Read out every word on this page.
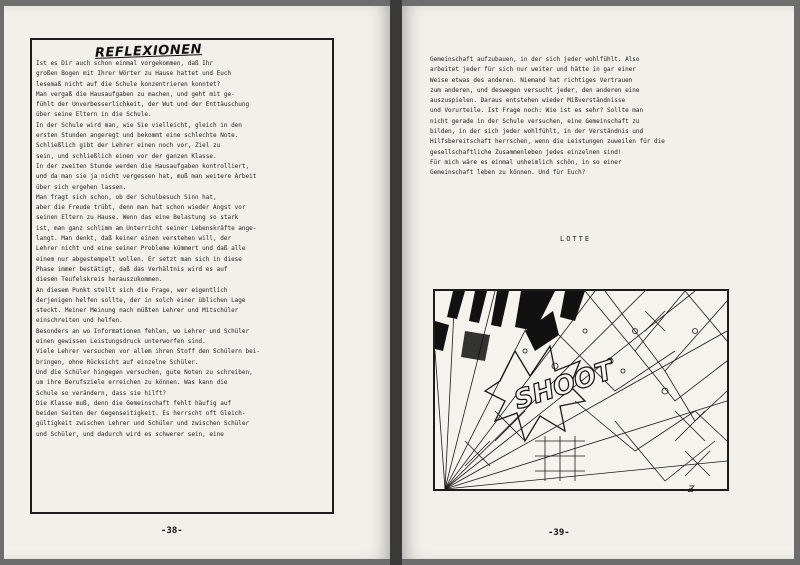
REFLEXIONEN
Ist es Dir auch schon einmal vorgekommen, daß Ihr
großen Bogen mit Ihrer Wörter zu Hause hattet und Euch
lesemaß nicht auf die Schule konzentrieren konntet?
Man vergaß die Hausaufgaben zu machen, und geht mit ge-
fühlt der Unverbesserlichkeit, der Wut und der Enttäuschung
über seine Eltern in die Schule.
In der Schule wird man, wie Sie vielleicht, gleich in den
ersten Stunden angeregt und bekommt eine schlechte Note.
Schließlich gibt der Lehrer einen noch vor, Ziel zu
sein, und schließlich einen vor der ganzen Klasse.
In der zweiten Stunde werden die Hausaufgaben kontrolliert,
und da man sie ja nicht vergessen hat, muß man weitere Arbeit
über sich ergehen lassen.
Man fragt sich schon, ob der Schulbesuch Sinn hat,
aber die Freude trübt, denn man hat schon wieder Angst vor
seinen Eltern zu Hause. Wenn das eine Belastung so stark
ist, man ganz schlimm am Unterricht seiner Lebenskräfte ange-
langt. Man denkt, daß keiner einen verstehen will, der
Lehrer nicht und eine seiner Probleme kümmert und daß alle
einem nur abgestempelt wollen. Er setzt man sich in diese
Phase immer bestätigt, daß das Verhältnis wird es auf
diesen Teufelskreis herauszukommen.
An diesem Punkt stellt sich die Frage, wer eigentlich
derjenigen helfen sollte, der in solch einer üblichen Lage
steckt. Meiner Meinung nach müßten Lehrer und Mitschüler
einschreiten und helfen.
Besonders an wo Informationen fehlen, wo Lehrer und Schüler
einen gewissen Leistungsdruck unterworfen sind.
Viele Lehrer versuchen vor allem ihren Stoff den Schülern bei-
bringen, ohne Rücksicht auf einzelne Schüler.
Und die Schüler hingegen versuchen, gute Noten zu schreiben,
um ihre Berufsziele erreichen zu können. Was kann die
Schule so verändern, dass sie hilft?
Die Klasse muß, denn die Gemeinschaft fehlt häufig auf
beiden Seiten der Gegenseitigkeit. Es herrscht oft Gleich-
gültigkeit zwischen Lehrer und Schüler und zwischen Schüler
und Schüler, und dadurch wird es schwerer sein, eine
-38-
Gemeinschaft aufzubauen, in der sich jeder wohlfühlt. Also
arbeitet jeder für sich nur weiter und hätte in gar einer
Weise etwas des anderen. Niemand hat richtiges Vertrauen
zum anderen, und deswegen versucht jeder, den anderen eine
auszuspielen. Daraus entstehen wieder Mißverständnisse
und Vorurteile. Ist Frage noch: Wie ist es sehr? Sollte man
nicht gerade in der Schule versuchen, eine Gemeinschaft zu
bilden, in der sich jeder wohlfühlt, in der Verständnis und
Hilfsbereitschaft herrschen, wenn die Leistungen zuweilen für die
gesellschaftliche Zusammenleben jedes einzelnen sind!
Für mich wäre es einmal unheimlich schön, in so einer
Gemeinschaft leben zu können. Und für Euch?
LOTTE
SHOOT
Ƶ
-39-
